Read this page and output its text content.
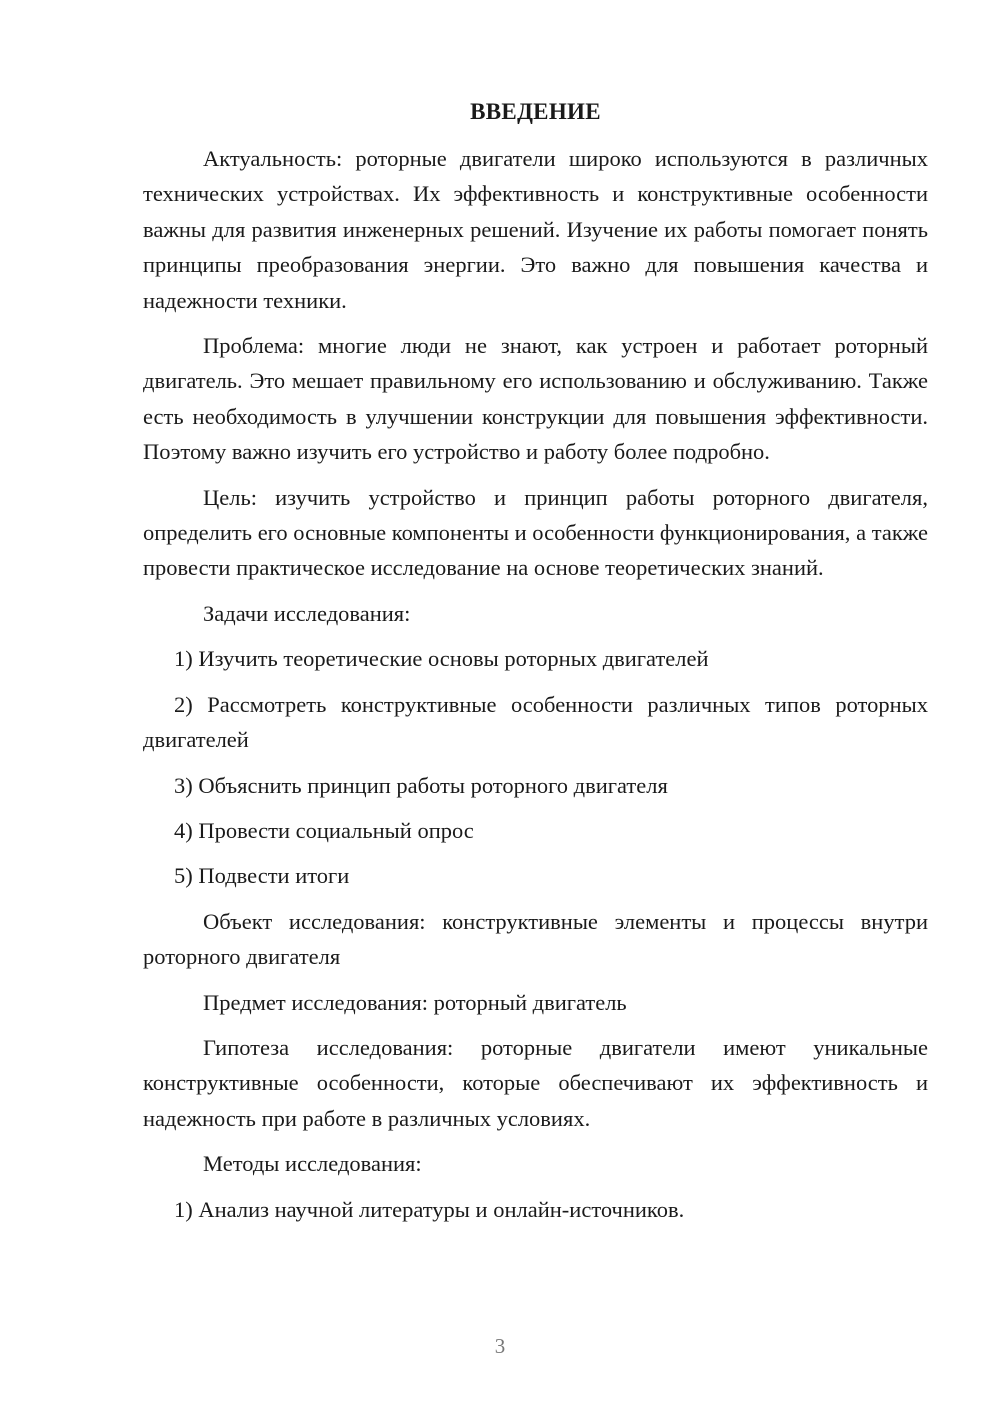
ВВЕДЕНИЕ

Актуальность: роторные двигатели широко используются в различных технических устройствах. Их эффективность и конструктивные особенности важны для развития инженерных решений. Изучение их работы помогает понять принципы преобразования энергии. Это важно для повышения качества и надежности техники.

Проблема: многие люди не знают, как устроен и работает роторный двигатель. Это мешает правильному его использованию и обслуживанию. Также есть необходимость в улучшении конструкции для повышения эффективности. Поэтому важно изучить его устройство и работу более подробно.

Цель: изучить устройство и принцип работы роторного двигателя, определить его основные компоненты и особенности функционирования, а также провести практическое исследование на основе теоретических знаний.

Задачи исследования:

1) Изучить теоретические основы роторных двигателей

2) Рассмотреть конструктивные особенности различных типов роторных двигателей

3) Объяснить принцип работы роторного двигателя

4) Провести социальный опрос

5) Подвести итоги

Объект исследования: конструктивные элементы и процессы внутри роторного двигателя

Предмет исследования: роторный двигатель

Гипотеза исследования: роторные двигатели имеют уникальные конструктивные особенности, которые обеспечивают их эффективность и надежность при работе в различных условиях.

Методы исследования:

1) Анализ научной литературы и онлайн-источников.

3
